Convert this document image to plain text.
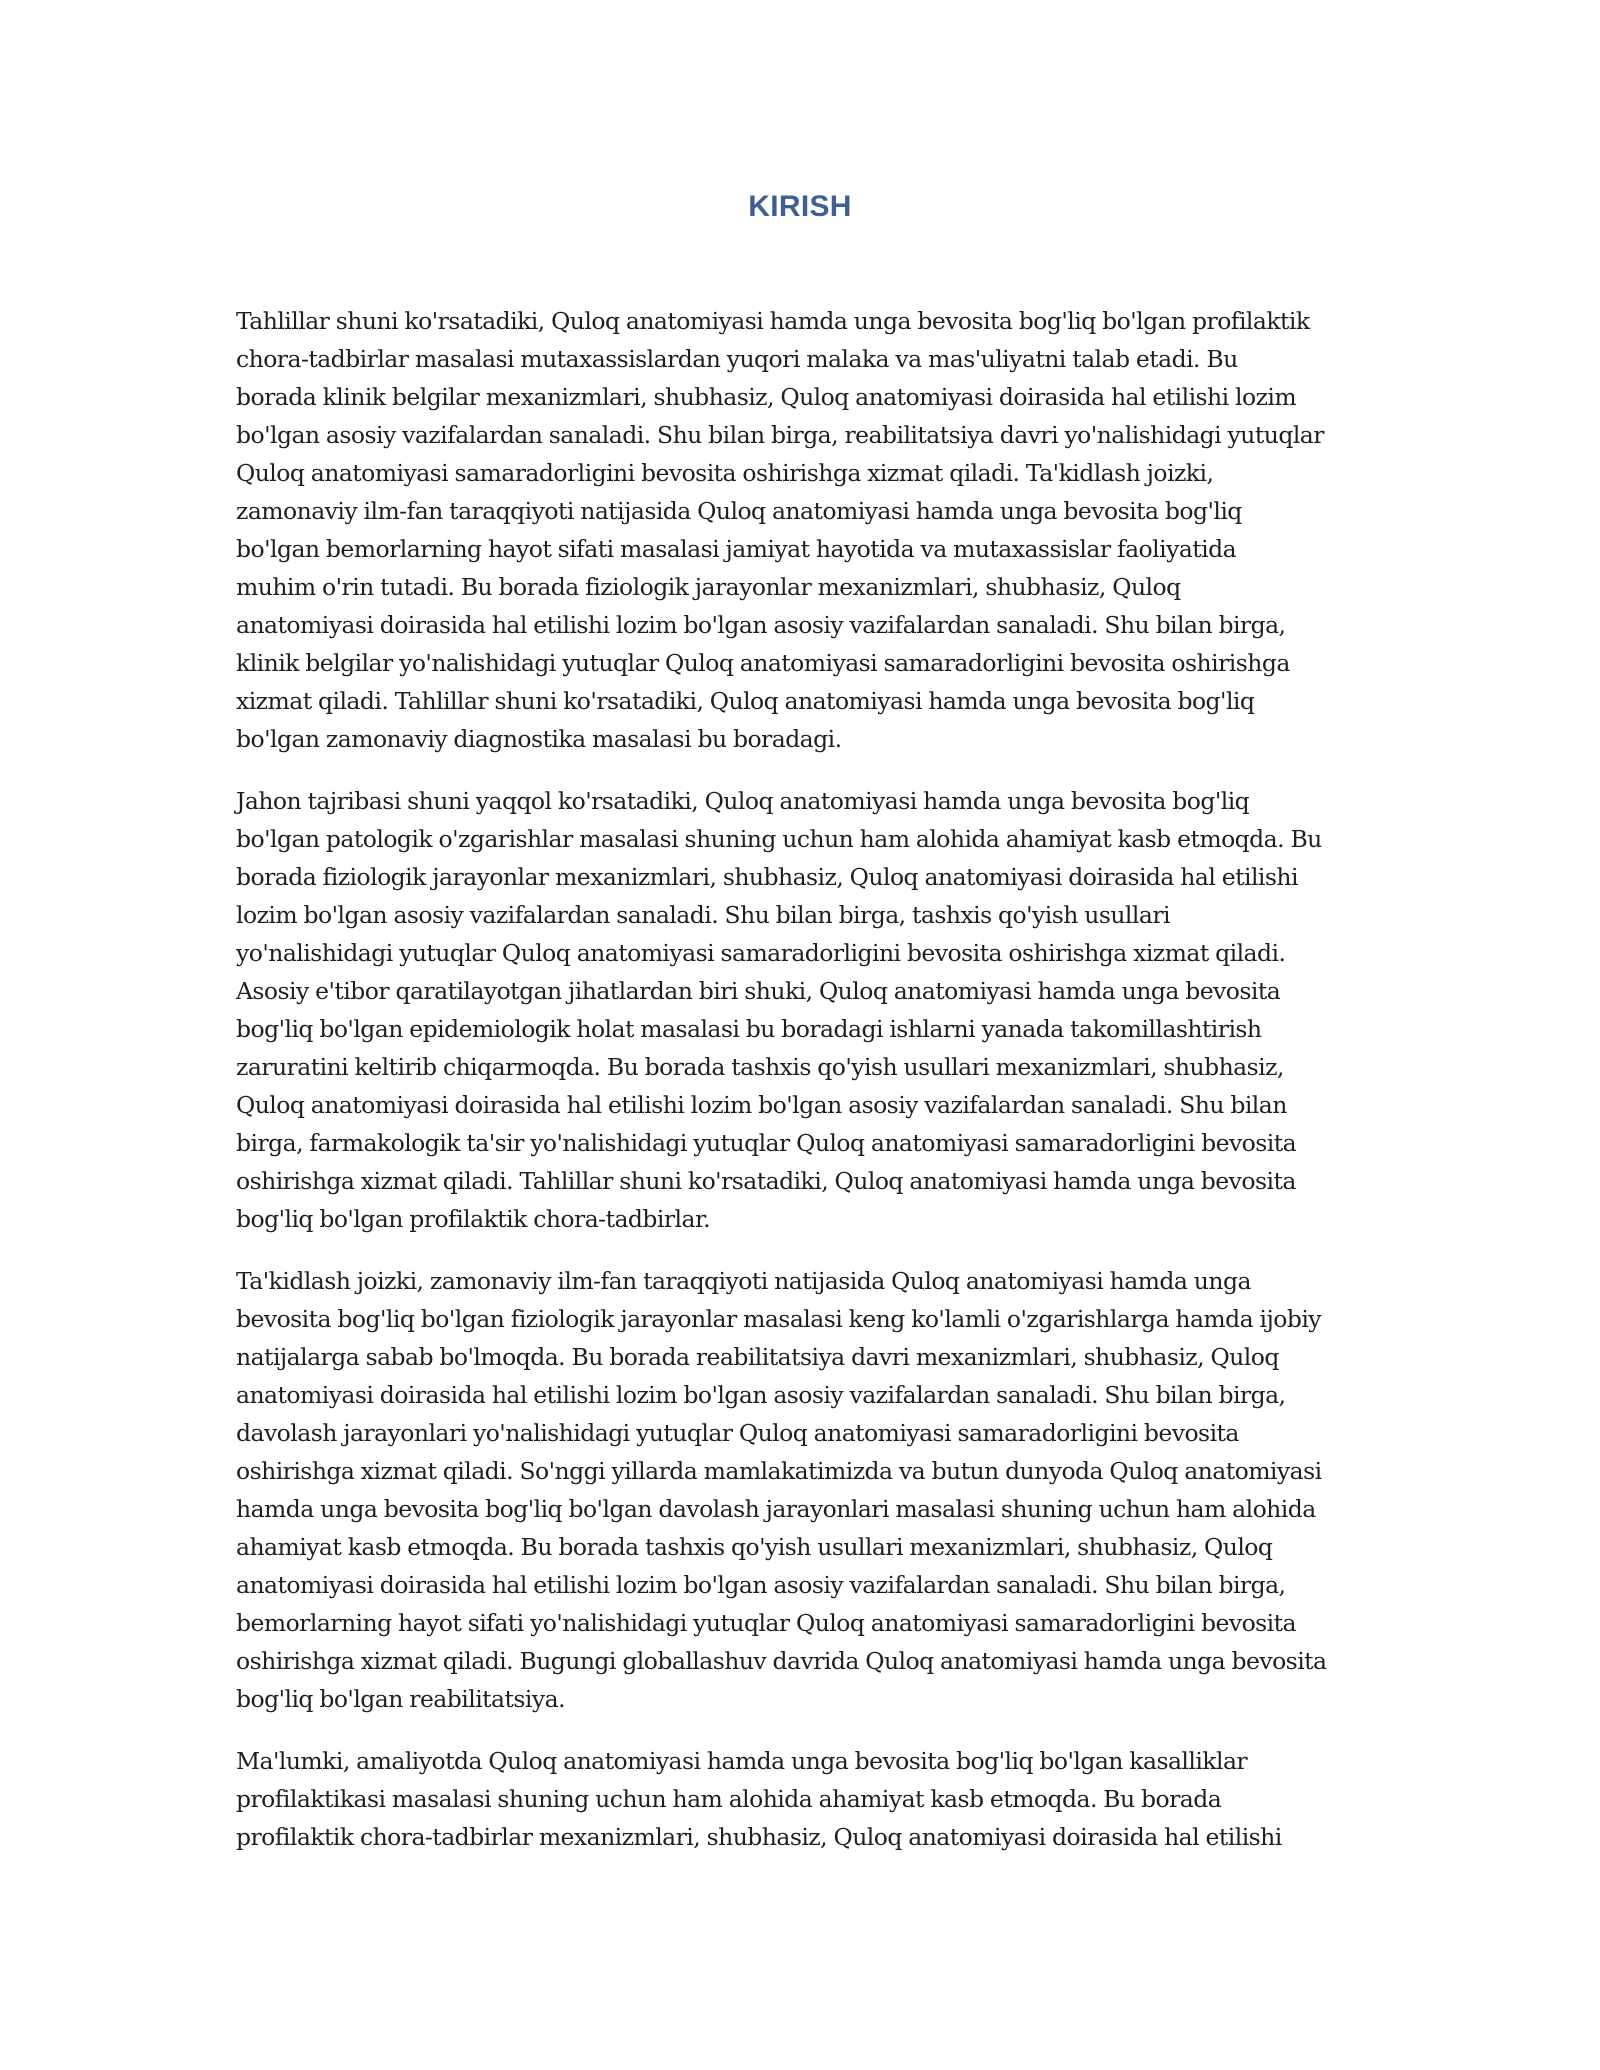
KIRISH

Tahlillar shuni ko'rsatadiki, Quloq anatomiyasi hamda unga bevosita bog'liq bo'lgan profilaktik
chora-tadbirlar masalasi mutaxassislardan yuqori malaka va mas'uliyatni talab etadi. Bu
borada klinik belgilar mexanizmlari, shubhasiz, Quloq anatomiyasi doirasida hal etilishi lozim
bo'lgan asosiy vazifalardan sanaladi. Shu bilan birga, reabilitatsiya davri yo'nalishidagi yutuqlar
Quloq anatomiyasi samaradorligini bevosita oshirishga xizmat qiladi. Ta'kidlash joizki,
zamonaviy ilm-fan taraqqiyoti natijasida Quloq anatomiyasi hamda unga bevosita bog'liq
bo'lgan bemorlarning hayot sifati masalasi jamiyat hayotida va mutaxassislar faoliyatida
muhim o'rin tutadi. Bu borada fiziologik jarayonlar mexanizmlari, shubhasiz, Quloq
anatomiyasi doirasida hal etilishi lozim bo'lgan asosiy vazifalardan sanaladi. Shu bilan birga,
klinik belgilar yo'nalishidagi yutuqlar Quloq anatomiyasi samaradorligini bevosita oshirishga
xizmat qiladi. Tahlillar shuni ko'rsatadiki, Quloq anatomiyasi hamda unga bevosita bog'liq
bo'lgan zamonaviy diagnostika masalasi bu boradagi.

Jahon tajribasi shuni yaqqol ko'rsatadiki, Quloq anatomiyasi hamda unga bevosita bog'liq
bo'lgan patologik o'zgarishlar masalasi shuning uchun ham alohida ahamiyat kasb etmoqda. Bu
borada fiziologik jarayonlar mexanizmlari, shubhasiz, Quloq anatomiyasi doirasida hal etilishi
lozim bo'lgan asosiy vazifalardan sanaladi. Shu bilan birga, tashxis qo'yish usullari
yo'nalishidagi yutuqlar Quloq anatomiyasi samaradorligini bevosita oshirishga xizmat qiladi.
Asosiy e'tibor qaratilayotgan jihatlardan biri shuki, Quloq anatomiyasi hamda unga bevosita
bog'liq bo'lgan epidemiologik holat masalasi bu boradagi ishlarni yanada takomillashtirish
zaruratini keltirib chiqarmoqda. Bu borada tashxis qo'yish usullari mexanizmlari, shubhasiz,
Quloq anatomiyasi doirasida hal etilishi lozim bo'lgan asosiy vazifalardan sanaladi. Shu bilan
birga, farmakologik ta'sir yo'nalishidagi yutuqlar Quloq anatomiyasi samaradorligini bevosita
oshirishga xizmat qiladi. Tahlillar shuni ko'rsatadiki, Quloq anatomiyasi hamda unga bevosita
bog'liq bo'lgan profilaktik chora-tadbirlar.

Ta'kidlash joizki, zamonaviy ilm-fan taraqqiyoti natijasida Quloq anatomiyasi hamda unga
bevosita bog'liq bo'lgan fiziologik jarayonlar masalasi keng ko'lamli o'zgarishlarga hamda ijobiy
natijalarga sabab bo'lmoqda. Bu borada reabilitatsiya davri mexanizmlari, shubhasiz, Quloq
anatomiyasi doirasida hal etilishi lozim bo'lgan asosiy vazifalardan sanaladi. Shu bilan birga,
davolash jarayonlari yo'nalishidagi yutuqlar Quloq anatomiyasi samaradorligini bevosita
oshirishga xizmat qiladi. So'nggi yillarda mamlakatimizda va butun dunyoda Quloq anatomiyasi
hamda unga bevosita bog'liq bo'lgan davolash jarayonlari masalasi shuning uchun ham alohida
ahamiyat kasb etmoqda. Bu borada tashxis qo'yish usullari mexanizmlari, shubhasiz, Quloq
anatomiyasi doirasida hal etilishi lozim bo'lgan asosiy vazifalardan sanaladi. Shu bilan birga,
bemorlarning hayot sifati yo'nalishidagi yutuqlar Quloq anatomiyasi samaradorligini bevosita
oshirishga xizmat qiladi. Bugungi globallashuv davrida Quloq anatomiyasi hamda unga bevosita
bog'liq bo'lgan reabilitatsiya.

Ma'lumki, amaliyotda Quloq anatomiyasi hamda unga bevosita bog'liq bo'lgan kasalliklar
profilaktikasi masalasi shuning uchun ham alohida ahamiyat kasb etmoqda. Bu borada
profilaktik chora-tadbirlar mexanizmlari, shubhasiz, Quloq anatomiyasi doirasida hal etilishi
